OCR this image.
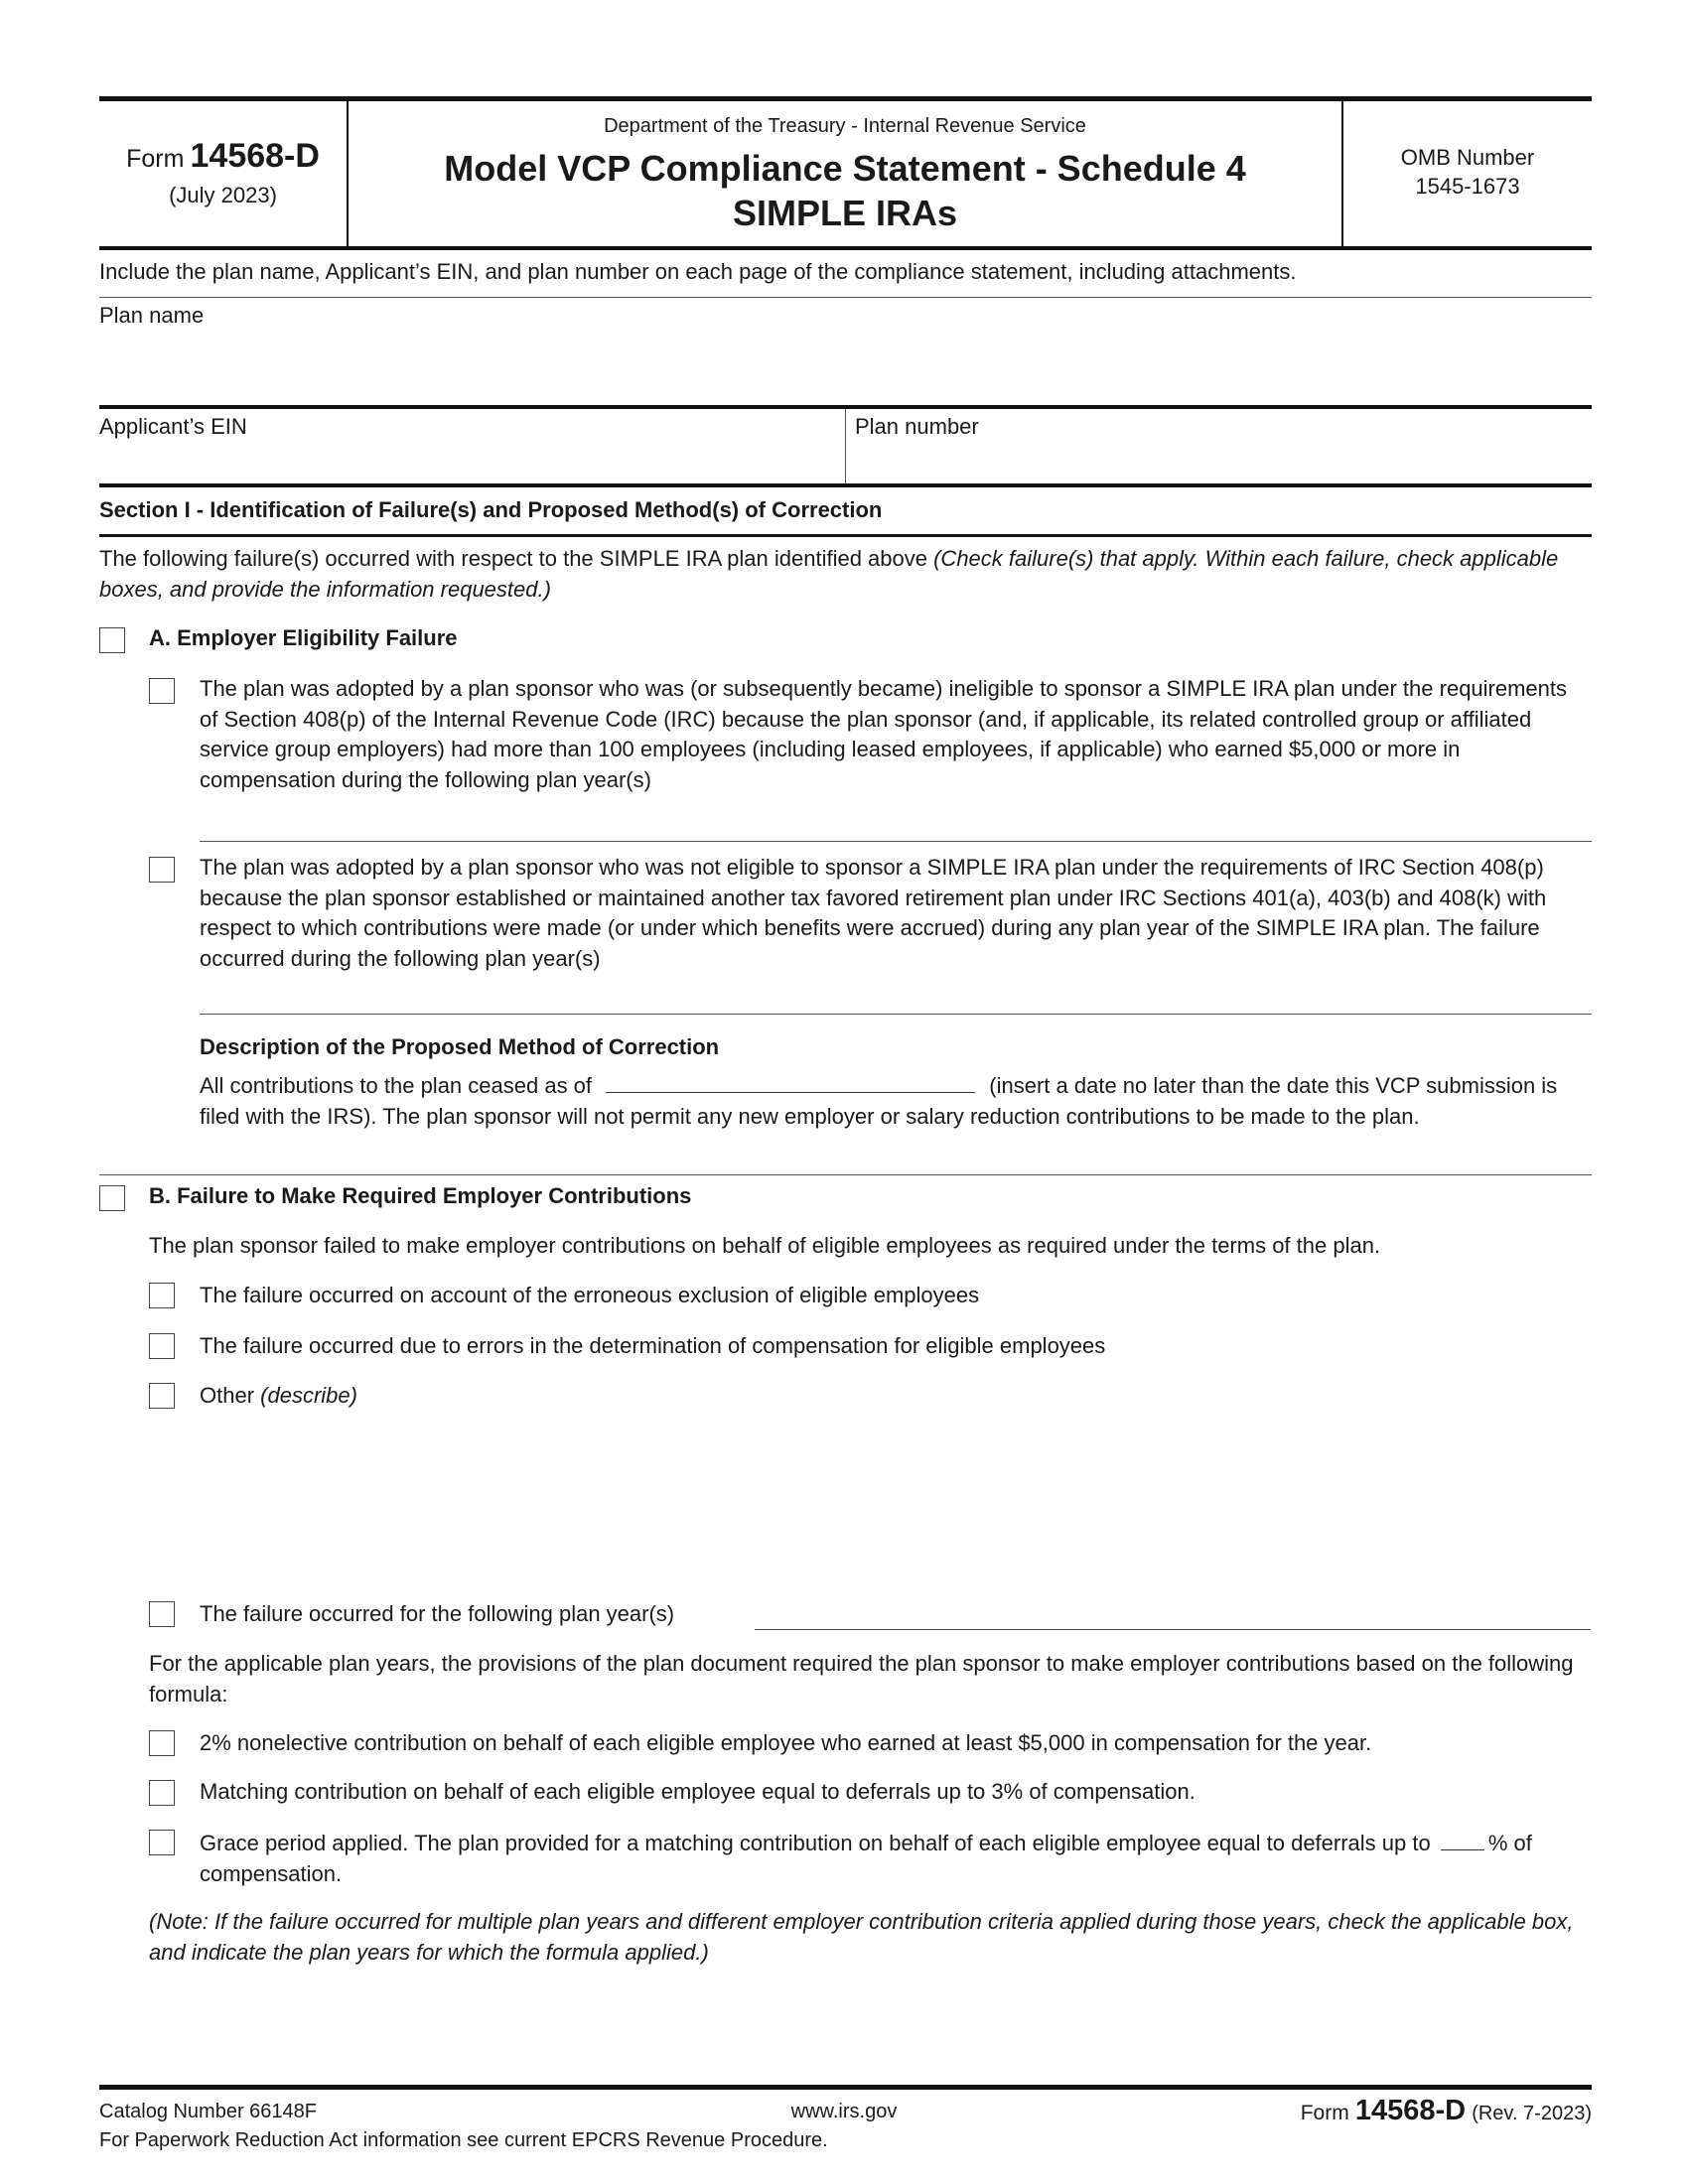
Form 14568-D
(July 2023)
Department of the Treasury - Internal Revenue Service
Model VCP Compliance Statement - Schedule 4
SIMPLE IRAs
OMB Number
1545-1673
Include the plan name, Applicant’s EIN, and plan number on each page of the compliance statement, including attachments.
Plan name
Applicant’s EIN	Plan number
Section I - Identification of Failure(s) and Proposed Method(s) of Correction
The following failure(s) occurred with respect to the SIMPLE IRA plan identified above (Check failure(s) that apply. Within each failure, check applicable boxes, and provide the information requested.)
A. Employer Eligibility Failure
The plan was adopted by a plan sponsor who was (or subsequently became) ineligible to sponsor a SIMPLE IRA plan under the requirements of Section 408(p) of the Internal Revenue Code (IRC) because the plan sponsor (and, if applicable, its related controlled group or affiliated service group employers) had more than 100 employees (including leased employees, if applicable) who earned $5,000 or more in compensation during the following plan year(s)
The plan was adopted by a plan sponsor who was not eligible to sponsor a SIMPLE IRA plan under the requirements of IRC Section 408(p) because the plan sponsor established or maintained another tax favored retirement plan under IRC Sections 401(a), 403(b) and 408(k) with respect to which contributions were made (or under which benefits were accrued) during any plan year of the SIMPLE IRA plan. The failure occurred during the following plan year(s)
Description of the Proposed Method of Correction
All contributions to the plan ceased as of	(insert a date no later than the date this VCP submission is filed with the IRS). The plan sponsor will not permit any new employer or salary reduction contributions to be made to the plan.
B. Failure to Make Required Employer Contributions
The plan sponsor failed to make employer contributions on behalf of eligible employees as required under the terms of the plan.
The failure occurred on account of the erroneous exclusion of eligible employees
The failure occurred due to errors in the determination of compensation for eligible employees
Other (describe)
The failure occurred for the following plan year(s)
For the applicable plan years, the provisions of the plan document required the plan sponsor to make employer contributions based on the following formula:
2% nonelective contribution on behalf of each eligible employee who earned at least $5,000 in compensation for the year.
Matching contribution on behalf of each eligible employee equal to deferrals up to 3% of compensation.
Grace period applied. The plan provided for a matching contribution on behalf of each eligible employee equal to deferrals up to	% of compensation.
(Note: If the failure occurred for multiple plan years and different employer contribution criteria applied during those years, check the applicable box, and indicate the plan years for which the formula applied.)
Catalog Number 66148F	www.irs.gov
For Paperwork Reduction Act information see current EPCRS Revenue Procedure.
Form 14568-D (Rev. 7-2023)
